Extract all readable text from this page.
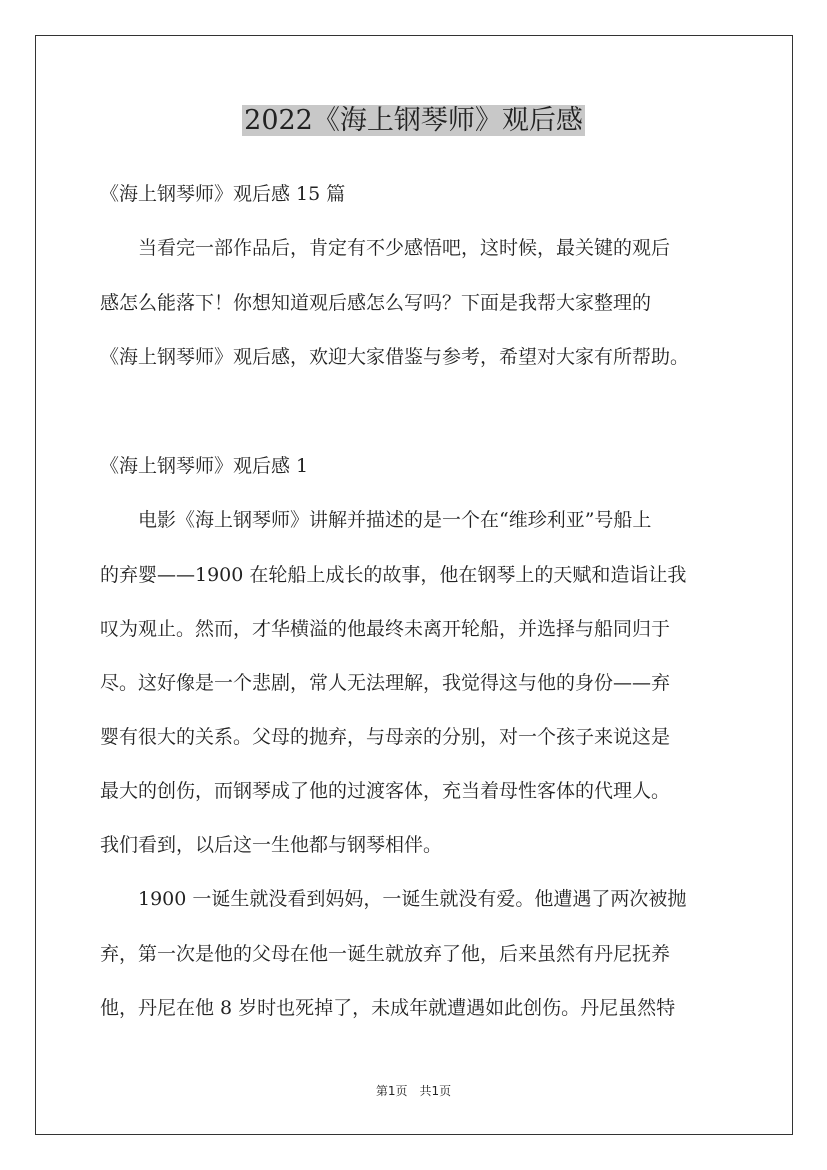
2022《海上钢琴师》观后感
《海上钢琴师》观后感 15 篇
　　当看完一部作品后，肯定有不少感悟吧，这时候，最关键的观后
感怎么能落下！你想知道观后感怎么写吗？下面是我帮大家整理的
《海上钢琴师》观后感，欢迎大家借鉴与参考，希望对大家有所帮助。
《海上钢琴师》观后感 1
　　电影《海上钢琴师》讲解并描述的是一个在“维珍利亚”号船上
的弃婴——1900 在轮船上成长的故事，他在钢琴上的天赋和造诣让我
叹为观止。然而，才华横溢的他最终未离开轮船，并选择与船同归于
尽。这好像是一个悲剧，常人无法理解，我觉得这与他的身份——弃
婴有很大的关系。父母的抛弃，与母亲的分别，对一个孩子来说这是
最大的创伤，而钢琴成了他的过渡客体，充当着母性客体的代理人。
我们看到，以后这一生他都与钢琴相伴。
　　1900 一诞生就没看到妈妈，一诞生就没有爱。他遭遇了两次被抛
弃，第一次是他的父母在他一诞生就放弃了他，后来虽然有丹尼抚养
他，丹尼在他 8 岁时也死掉了，未成年就遭遇如此创伤。丹尼虽然特
第1页　共1页
